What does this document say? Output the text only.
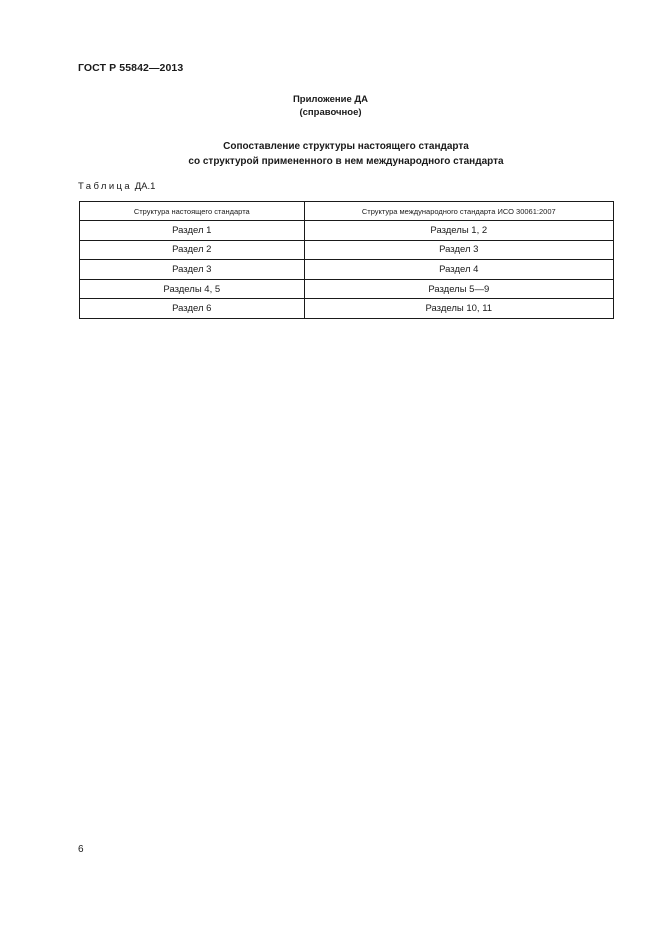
ГОСТ Р 55842—2013
Приложение ДА
(справочное)
Сопоставление структуры настоящего стандарта
со структурой примененного в нем международного стандарта
Таблица ДА.1
Структура настоящего стандарта	Структура международного стандарта ИСО 30061:2007
Раздел 1	Разделы 1, 2
Раздел 2	Раздел 3
Раздел 3	Раздел 4
Разделы 4, 5	Разделы 5—9
Раздел 6	Разделы 10, 11
6
